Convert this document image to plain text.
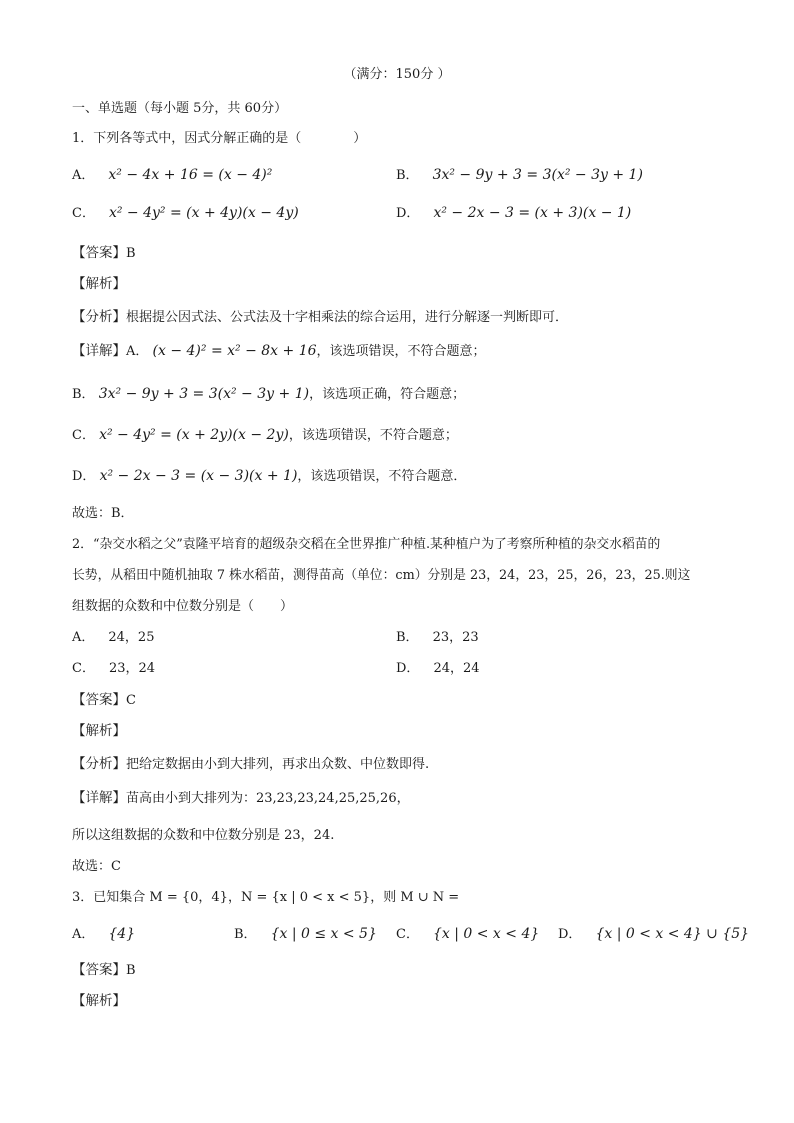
（满分：150分 ）
一、单选题（每小题 5分，共 60分）
1．下列各等式中，因式分解正确的是（　　　　）
A． x² − 4x + 16 = (x − 4)²	B． 3x² − 9y + 3 = 3(x² − 3y + 1)
C． x² − 4y² = (x + 4y)(x − 4y)	D． x² − 2x − 3 = (x + 3)(x − 1)
【答案】B
【解析】
【分析】根据提公因式法、公式法及十字相乘法的综合运用，进行分解逐一判断即可．
【详解】A． (x − 4)² = x² − 8x + 16，该选项错误，不符合题意；
B． 3x² − 9y + 3 = 3(x² − 3y + 1)，该选项正确，符合题意；
C． x² − 4y² = (x + 2y)(x − 2y)，该选项错误，不符合题意；
D． x² − 2x − 3 = (x − 3)(x + 1)，该选项错误，不符合题意．
故选：B．
2．“杂交水稻之父”袁隆平培育的超级杂交稻在全世界推广种植.某种植户为了考察所种植的杂交水稻苗的
长势，从稻田中随机抽取 7 株水稻苗，测得苗高（单位：cm）分别是 23，24，23，25，26，23，25.则这
组数据的众数和中位数分别是（　　）
A． 24，25	B． 23，23
C． 23，24	D． 24，24
【答案】C
【解析】
【分析】把给定数据由小到大排列，再求出众数、中位数即得.
【详解】苗高由小到大排列为：23,23,23,24,25,25,26，
所以这组数据的众数和中位数分别是 23，24.
故选：C
3．已知集合 M = {0，4}，N = {x | 0 < x < 5}，则 M ∪ N =
A． {4}	B． {x | 0 ≤ x < 5} C． {x | 0 < x < 4} D． {x | 0 < x < 4} ∪ {5}
【答案】B
【解析】
